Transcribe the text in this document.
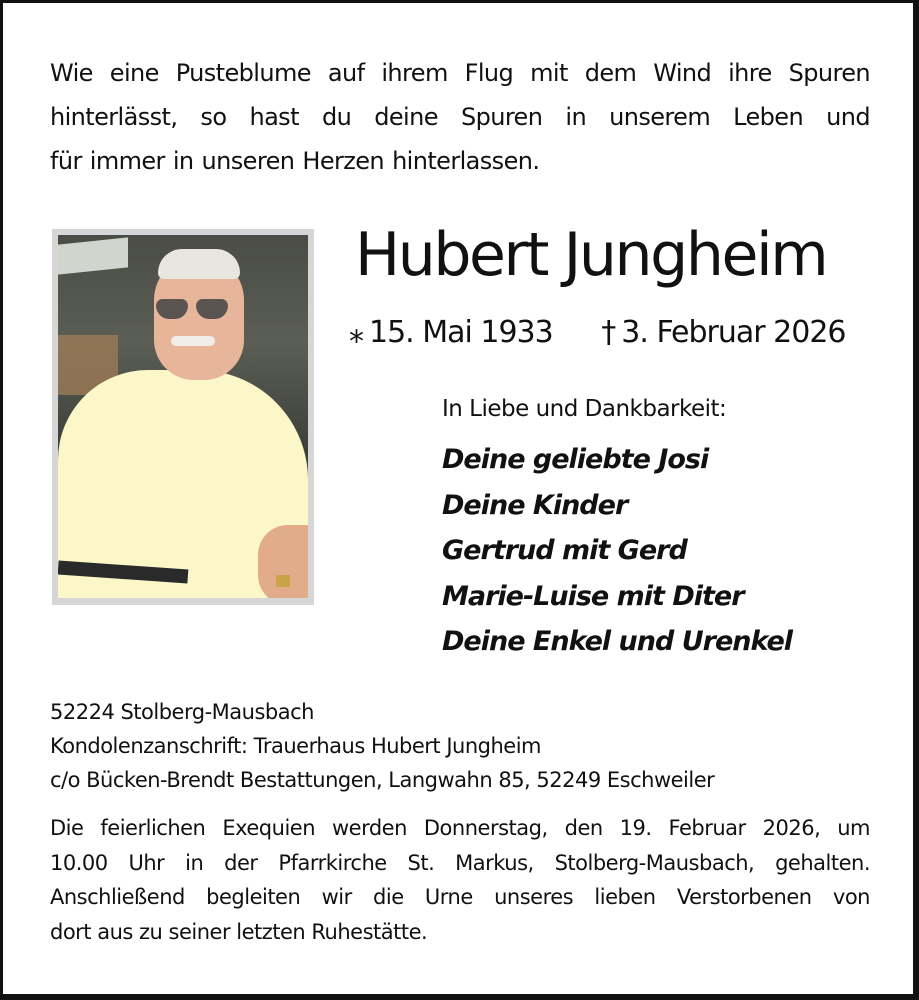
Wie eine Pusteblume auf ihrem Flug mit dem Wind ihre Spuren
hinterlässt, so hast du deine Spuren in unserem Leben und
für immer in unseren Herzen hinterlassen.
Hubert Jungheim
⁎ 15. Mai 1933 † 3. Februar 2026
In Liebe und Dankbarkeit:
Deine geliebte Josi
Deine Kinder
Gertrud mit Gerd
Marie-Luise mit Diter
Deine Enkel und Urenkel
52224 Stolberg-Mausbach
Kondolenzanschrift: Trauerhaus Hubert Jungheim
c/o Bücken-Brendt Bestattungen, Langwahn 85, 52249 Eschweiler
Die feierlichen Exequien werden Donnerstag, den 19. Februar 2026, um
10.00 Uhr in der Pfarrkirche St. Markus, Stolberg-Mausbach, gehalten.
Anschließend begleiten wir die Urne unseres lieben Verstorbenen von
dort aus zu seiner letzten Ruhestätte.
